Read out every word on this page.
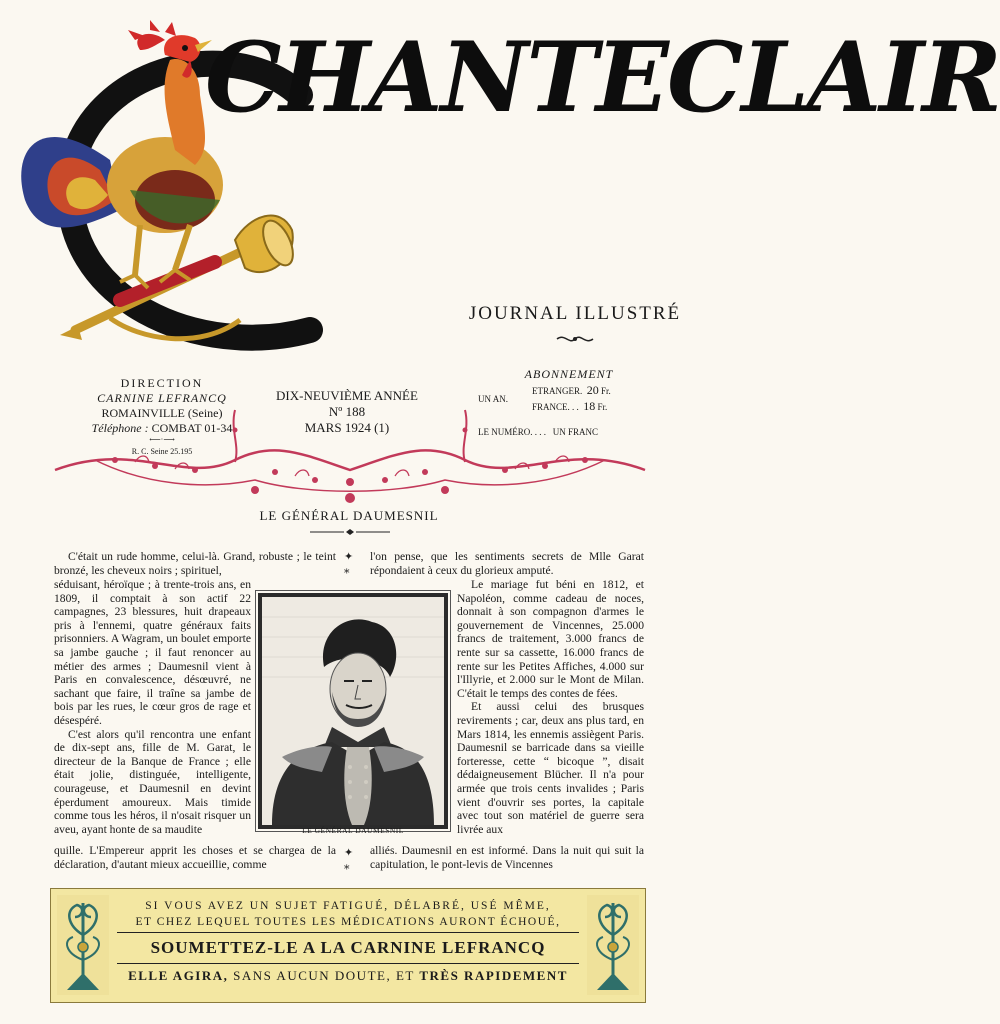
CHANTECLAIR
JOURNAL ILLUSTRÉ
DIRECTION
CARNINE LEFRANCQ
ROMAINVILLE (Seine)
Téléphone : COMBAT 01-34
⟵·⟶
R. C. Seine 25.195
DIX-NEUVIÈME ANNÉE
Nº 188
MARS 1924 (1)
ABONNEMENT
UN AN.
ETRANGER. 20 Fr.
FRANCE. . . 18 Fr.
LE NUMÉRO. . . . UN FRANC
LE GÉNÉRAL DAUMESNIL

C'était un rude homme, celui-là. Grand, robuste ; le teint bronzé, les cheveux noirs ; spirituel,

séduisant, héroïque ; à trente-trois ans, en 1809, il comptait à son actif 22 campagnes, 23 blessures, huit drapeaux pris à l'ennemi, quatre généraux faits prisonniers. A Wagram, un boulet emporte sa jambe gauche ; il faut renoncer au métier des armes ; Daumesnil vient à Paris en convalescence, désœuvré, ne sachant que faire, il traîne sa jambe de bois par les rues, le cœur gros de rage et désespéré.

C'est alors qu'il rencontra une enfant de dix-sept ans, fille de M. Garat, le directeur de la Banque de France ; elle était jolie, distinguée, intelligente, courageuse, et Daumesnil en devint éperdument amoureux. Mais timide comme tous les héros, il n'osait risquer un aveu, ayant honte de sa maudite

quille. L'Empereur apprit les choses et se chargea de la déclaration, d'autant mieux accueillie, comme

✦
⁎
✦
⁎

l'on pense, que les sentiments secrets de Mlle Garat répondaient à ceux du glorieux amputé.

Le mariage fut béni en 1812, et Napoléon, comme cadeau de noces, donnait à son compagnon d'armes le gouvernement de Vincennes, 25.000 francs de traitement, 3.000 francs de rente sur sa cassette, 16.000 francs de rente sur les Petites Affiches, 4.000 sur l'Illyrie, et 2.000 sur le Mont de Milan. C'était le temps des contes de fées.

Et aussi celui des brusques revirements ; car, deux ans plus tard, en Mars 1814, les ennemis assiègent Paris. Daumesnil se barricade dans sa vieille forteresse, cette “ bicoque ”, disait dédaigneusement Blücher. Il n'a pour armée que trois cents invalides ; Paris vient d'ouvrir ses portes, la capitale avec tout son matériel de guerre sera livrée aux

alliés. Daumesnil en est informé. Dans la nuit qui suit la capitulation, le pont-levis de Vincennes

LE GÉNÉRAL DAUMESNIL
SI VOUS AVEZ UN SUJET FATIGUÉ, DÉLABRÉ, USÉ MÊME,
ET CHEZ LEQUEL TOUTES LES MÉDICATIONS AURONT ÉCHOUÉ,
SOUMETTEZ-LE A LA CARNINE LEFRANCQ
ELLE AGIRA, SANS AUCUN DOUTE, ET TRÈS RAPIDEMENT
